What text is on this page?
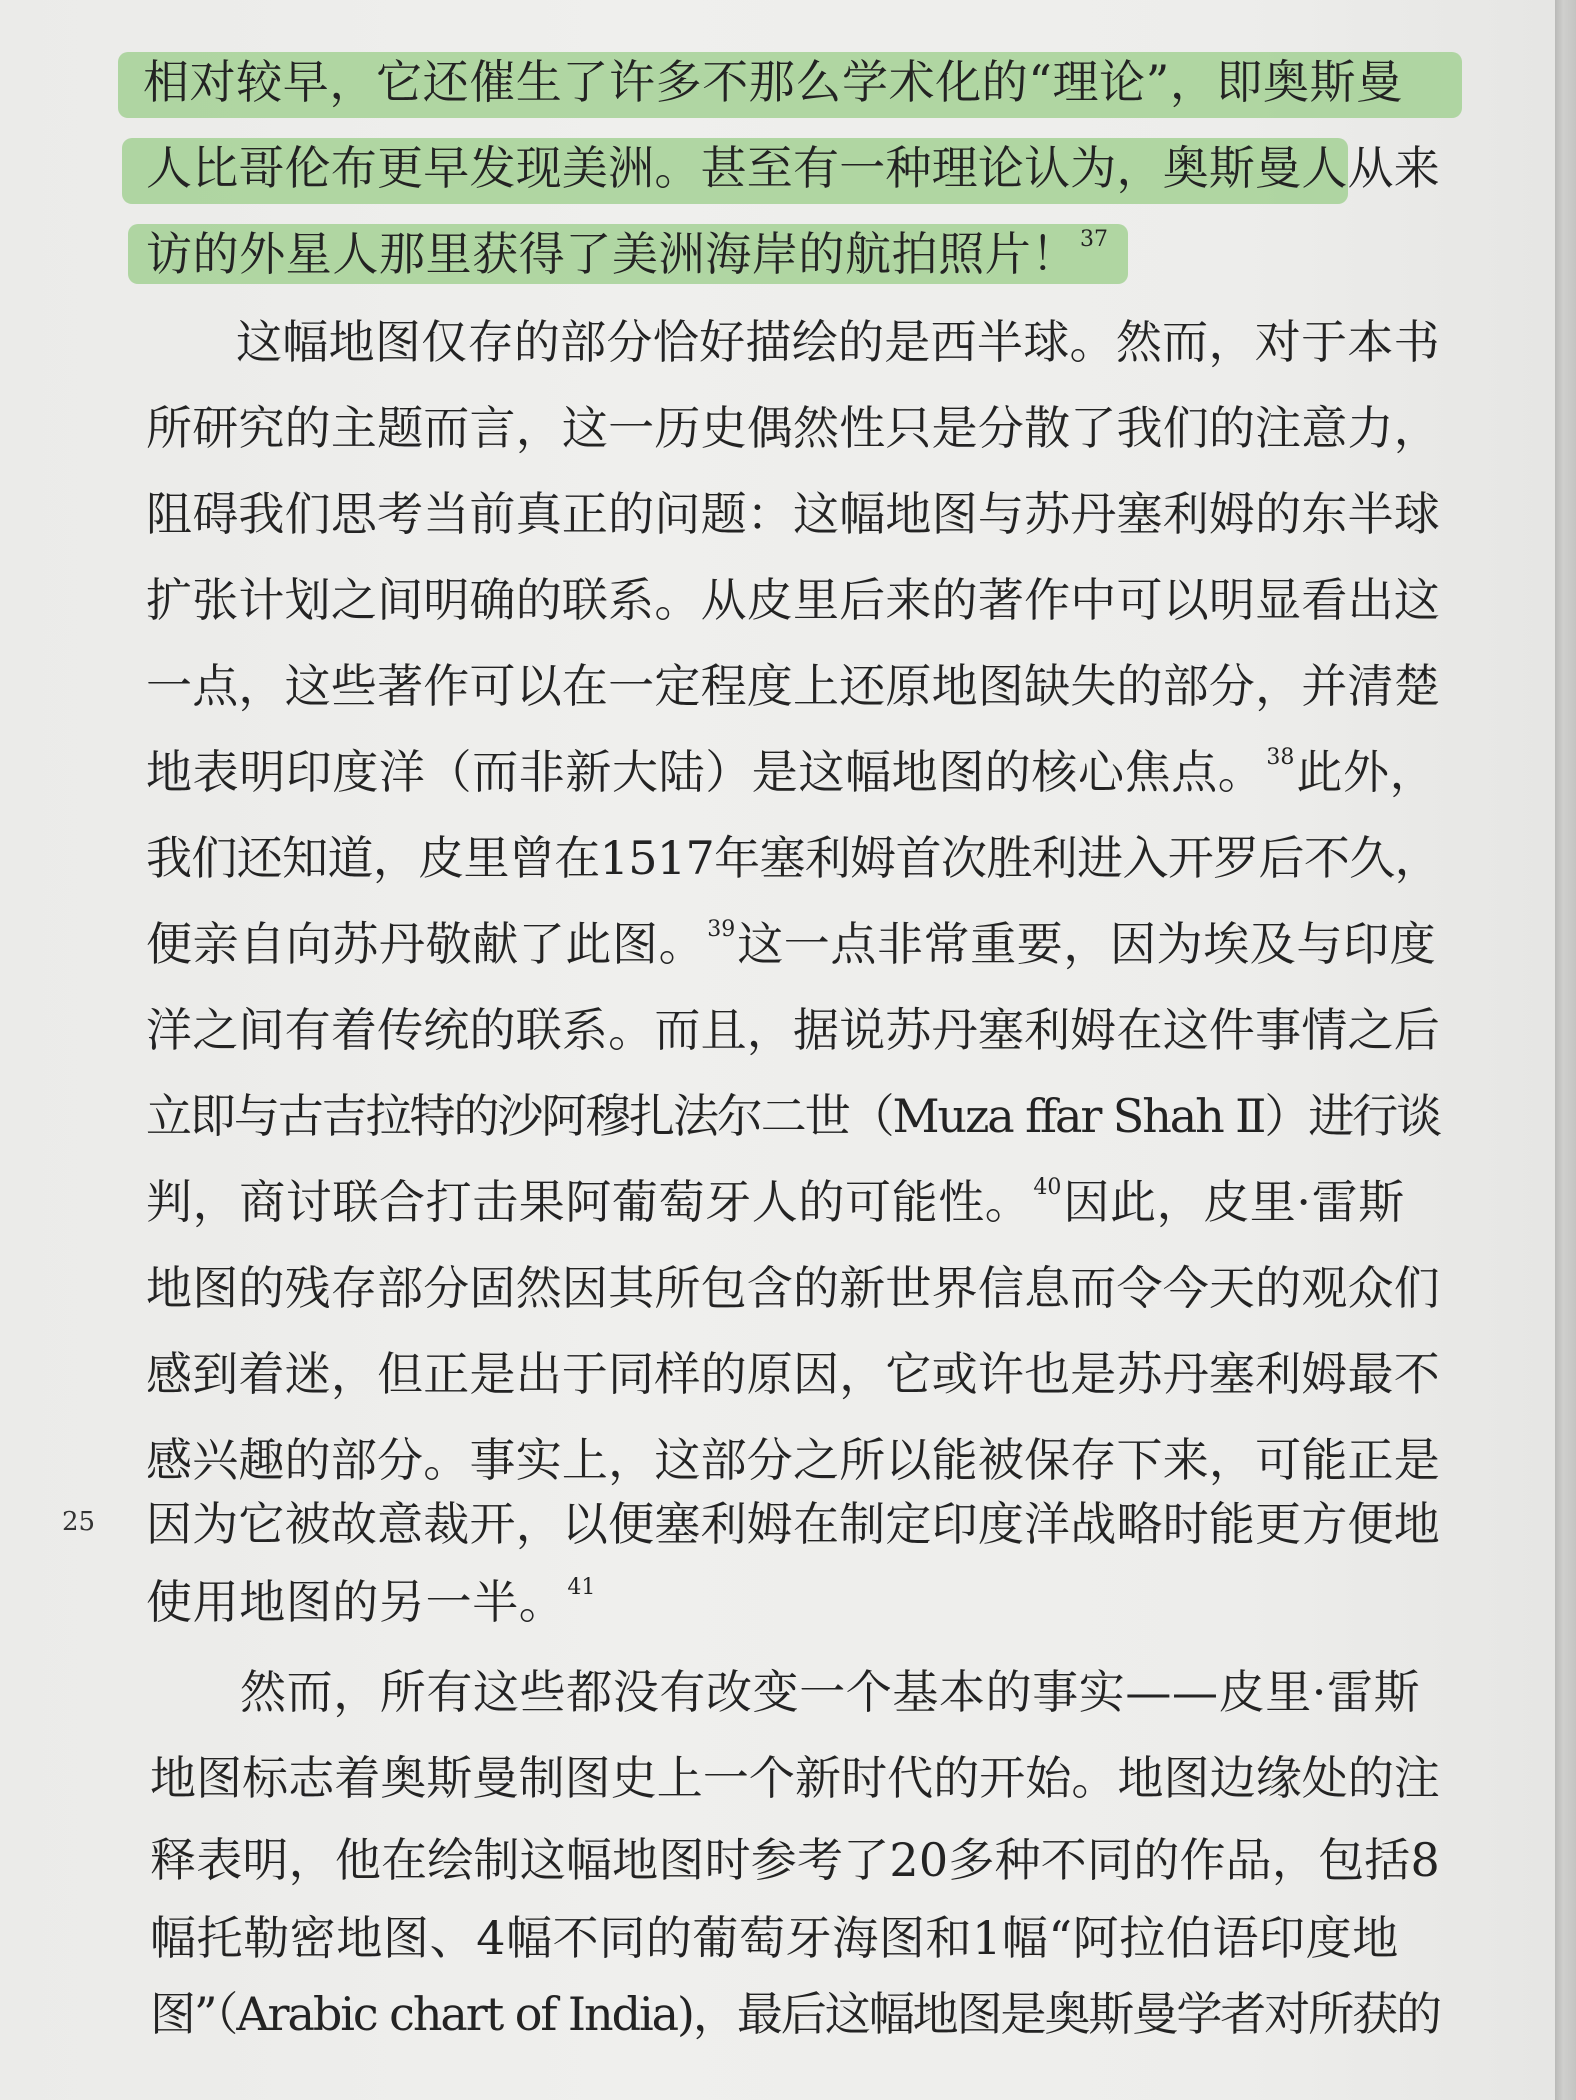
相对较早，它还催生了许多不那么学术化的“理论”，即奥斯曼
人比哥伦布更早发现美洲。甚至有一种理论认为，奥斯曼人从来
访的外星人那里获得了美洲海岸的航拍照片！$^{37}$
这幅地图仅存的部分恰好描绘的是西半球。然而，对于本书
所研究的主题而言，这一历史偶然性只是分散了我们的注意力，
阻碍我们思考当前真正的问题：这幅地图与苏丹塞利姆的东半球
扩张计划之间明确的联系。从皮里后来的著作中可以明显看出这
一点，这些著作可以在一定程度上还原地图缺失的部分，并清楚
地表明印度洋（而非新大陆）是这幅地图的核心焦点。$^{38}$此外，
我们还知道，皮里曾在1517年塞利姆首次胜利进入开罗后不久，
便亲自向苏丹敬献了此图。$^{39}$这一点非常重要，因为埃及与印度
洋之间有着传统的联系。而且，据说苏丹塞利姆在这件事情之后
立即与古吉拉特的沙阿穆扎法尔二世（Muza ffar Shah Ⅱ）进行谈
判，商讨联合打击果阿葡萄牙人的可能性。$^{40}$因此，皮里·雷斯
地图的残存部分固然因其所包含的新世界信息而令今天的观众们
感到着迷，但正是出于同样的原因，它或许也是苏丹塞利姆最不
感兴趣的部分。事实上，这部分之所以能被保存下来，可能正是
因为它被故意裁开，以便塞利姆在制定印度洋战略时能更方便地
使用地图的另一半。$^{41}$
然而，所有这些都没有改变一个基本的事实——皮里·雷斯
地图标志着奥斯曼制图史上一个新时代的开始。地图边缘处的注
释表明，他在绘制这幅地图时参考了20多种不同的作品，包括8
幅托勒密地图、4幅不同的葡萄牙海图和1幅“阿拉伯语印度地
图”（Arabic chart of India)，最后这幅地图是奥斯曼学者对所获的
25
